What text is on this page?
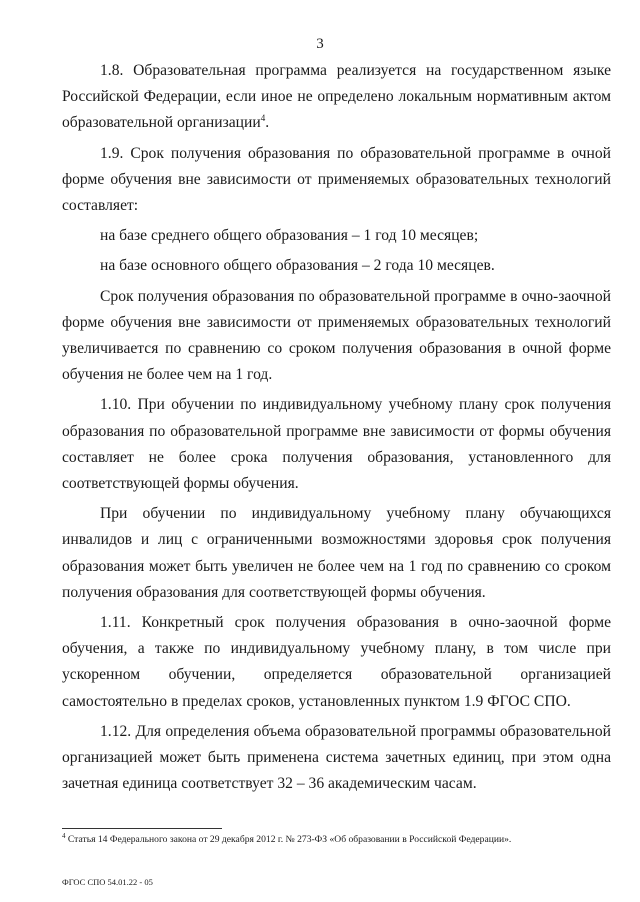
3

1.8. Образовательная программа реализуется на государственном языке Российской Федерации, если иное не определено локальным нормативным актом образовательной организации$^4$.

1.9. Срок получения образования по образовательной программе в очной форме обучения вне зависимости от применяемых образовательных технологий составляет:

на базе среднего общего образования – 1 год 10 месяцев;

на базе основного общего образования – 2 года 10 месяцев.

Срок получения образования по образовательной программе в очно-заочной форме обучения вне зависимости от применяемых образовательных технологий увеличивается по сравнению со сроком получения образования в очной форме обучения не более чем на 1 год.

1.10. При обучении по индивидуальному учебному плану срок получения образования по образовательной программе вне зависимости от формы обучения составляет не более срока получения образования, установленного для соответствующей формы обучения.

При обучении по индивидуальному учебному плану обучающихся инвалидов и лиц с ограниченными возможностями здоровья срок получения образования может быть увеличен не более чем на 1 год по сравнению со сроком получения образования для соответствующей формы обучения.

1.11. Конкретный срок получения образования в очно-заочной форме обучения, а также по индивидуальному учебному плану, в том числе при ускоренном обучении, определяется образовательной организацией самостоятельно в пределах сроков, установленных пунктом 1.9 ФГОС СПО.

1.12. Для определения объема образовательной программы образовательной организацией может быть применена система зачетных единиц, при этом одна зачетная единица соответствует 32 – 36 академическим часам.

$^4$ Статья 14 Федерального закона от 29 декабря 2012 г. № 273-ФЗ «Об образовании в Российской Федерации».
ФГОС СПО 54.01.22 - 05
